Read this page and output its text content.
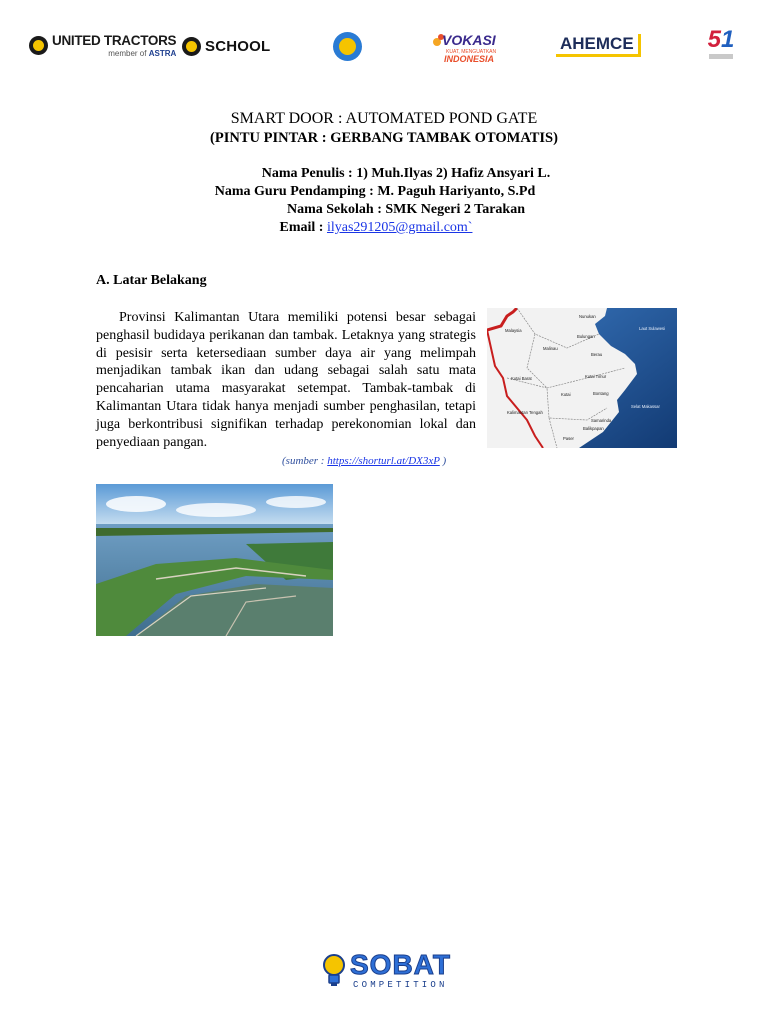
UNITED TRACTORS
member of ASTRA SCHOOL	VOKASI
KUAT, MENGUATKAN
INDONESIA
AHEMCE	51
SMART DOOR : AUTOMATED POND GATE
(PINTU PINTAR : GERBANG TAMBAK OTOMATIS)
Nama Penulis : 1) Muh.Ilyas 2) Hafiz Ansyari L.
Nama Guru Pendamping : M. Paguh Hariyanto, S.Pd
Nama Sekolah : SMK Negeri 2 Tarakan
Email : ilyas291205@gmail.com`
A. Latar Belakang

Provinsi Kalimantan Utara memiliki potensi besar sebagai penghasil budidaya perikanan dan tambak. Letaknya yang strategis di pesisir serta ketersediaan sumber daya air yang melimpah menjadikan tambak ikan dan udang sebagai salah satu mata pencaharian utama masyarakat setempat. Tambak-tambak di Kalimantan Utara tidak hanya menjadi sumber penghasilan, tetapi juga berkontribusi signifikan terhadap perekonomian lokal dan penyediaan pangan.

Malaysia
Nunukan
Bulungan
Malinau
Berau
Kutai Barat	Kutai Timur
Bontang
Kutai
Kalimantan Tengah
Samarinda
Balikpapan
Paser
Selat Makassar
Laut Sulawesi
(sumber : https://shorturl.at/DX3xP )
SOBAT
COMPETITION
